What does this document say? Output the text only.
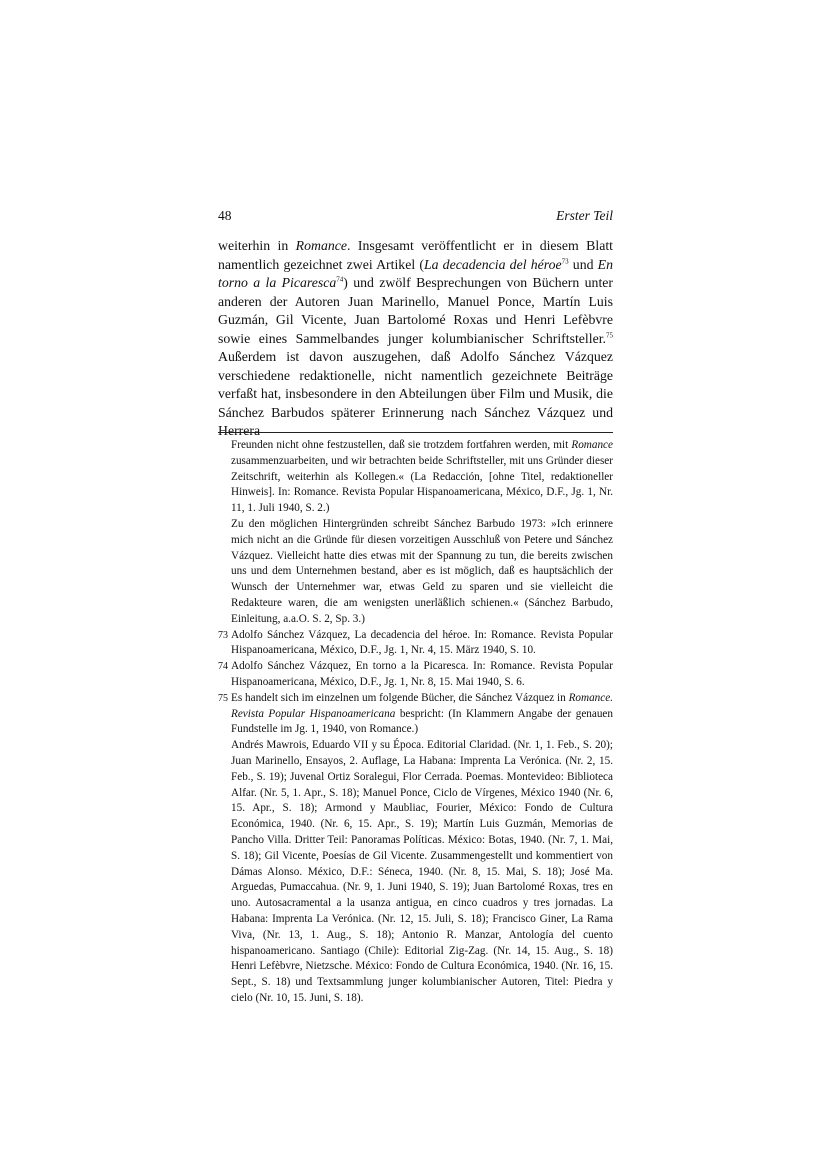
48	Erster Teil

weiterhin in Romance. Insgesamt veröffentlicht er in diesem Blatt namentlich gezeichnet zwei Artikel (La decadencia del héroe$^{73}$ und En torno a la Picaresca$^{74}$) und zwölf Besprechungen von Büchern unter anderen der Autoren Juan Marinello, Manuel Ponce, Martín Luis Guzmán, Gil Vicente, Juan Bartolomé Roxas und Henri Lefèbvre sowie eines Sammelbandes junger kolumbianischer Schriftsteller.$^{75}$ Außerdem ist davon auszugehen, daß Adolfo Sánchez Vázquez verschiedene redaktionelle, nicht namentlich gezeichnete Beiträge verfaßt hat, insbesondere in den Abteilungen über Film und Musik, die Sánchez Barbudos späterer Erinnerung nach Sánchez Vázquez und Herrera

Freunden nicht ohne festzustellen, daß sie trotzdem fortfahren werden, mit Romance zusammenzuarbeiten, und wir betrachten beide Schriftsteller, mit uns Gründer dieser Zeitschrift, weiterhin als Kollegen.« (La Redacción, [ohne Titel, redaktioneller Hinweis]. In: Romance. Revista Popular Hispanoamericana, México, D.F., Jg. 1, Nr. 11, 1. Juli 1940, S. 2.)

Zu den möglichen Hintergründen schreibt Sánchez Barbudo 1973: »Ich erinnere mich nicht an die Gründe für diesen vorzeitigen Ausschluß von Petere und Sánchez Vázquez. Vielleicht hatte dies etwas mit der Spannung zu tun, die bereits zwischen uns und dem Unternehmen bestand, aber es ist möglich, daß es hauptsächlich der Wunsch der Unternehmer war, etwas Geld zu sparen und sie vielleicht die Redakteure waren, die am wenigsten unerläßlich schienen.« (Sánchez Barbudo, Einleitung, a.a.O. S. 2, Sp. 3.)

73 Adolfo Sánchez Vázquez, La decadencia del héroe. In: Romance. Revista Popular Hispanoamericana, México, D.F., Jg. 1, Nr. 4, 15. März 1940, S. 10.

74 Adolfo Sánchez Vázquez, En torno a la Picaresca. In: Romance. Revista Popular Hispanoamericana, México, D.F., Jg. 1, Nr. 8, 15. Mai 1940, S. 6.

75 Es handelt sich im einzelnen um folgende Bücher, die Sánchez Vázquez in Romance. Revista Popular Hispanoamericana bespricht: (In Klammern Angabe der genauen Fundstelle im Jg. 1, 1940, von Romance.)

Andrés Mawrois, Eduardo VII y su Época. Editorial Claridad. (Nr. 1, 1. Feb., S. 20); Juan Marinello, Ensayos, 2. Auflage, La Habana: Imprenta La Verónica. (Nr. 2, 15. Feb., S. 19); Juvenal Ortiz Soralegui, Flor Cerrada. Poemas. Montevideo: Biblioteca Alfar. (Nr. 5, 1. Apr., S. 18); Manuel Ponce, Ciclo de Vírgenes, México 1940 (Nr. 6, 15. Apr., S. 18); Armond y Maubliac, Fourier, México: Fondo de Cultura Económica, 1940. (Nr. 6, 15. Apr., S. 19); Martín Luis Guzmán, Memorias de Pancho Villa. Dritter Teil: Panoramas Políticas. México: Botas, 1940. (Nr. 7, 1. Mai, S. 18); Gil Vicente, Poesías de Gil Vicente. Zusammengestellt und kommentiert von Dámas Alonso. México, D.F.: Séneca, 1940. (Nr. 8, 15. Mai, S. 18); José Ma. Arguedas, Pumaccahua. (Nr. 9, 1. Juni 1940, S. 19); Juan Bartolomé Roxas, tres en uno. Autosacramental a la usanza antigua, en cinco cuadros y tres jornadas. La Habana: Imprenta La Verónica. (Nr. 12, 15. Juli, S. 18); Francisco Giner, La Rama Viva, (Nr. 13, 1. Aug., S. 18); Antonio R. Manzar, Antología del cuento hispanoamericano. Santiago (Chile): Editorial Zig-Zag. (Nr. 14, 15. Aug., S. 18) Henri Lefèbvre, Nietzsche. México: Fondo de Cultura Económica, 1940. (Nr. 16, 15. Sept., S. 18) und Textsammlung junger kolumbianischer Autoren, Titel: Piedra y cielo (Nr. 10, 15. Juni, S. 18).
